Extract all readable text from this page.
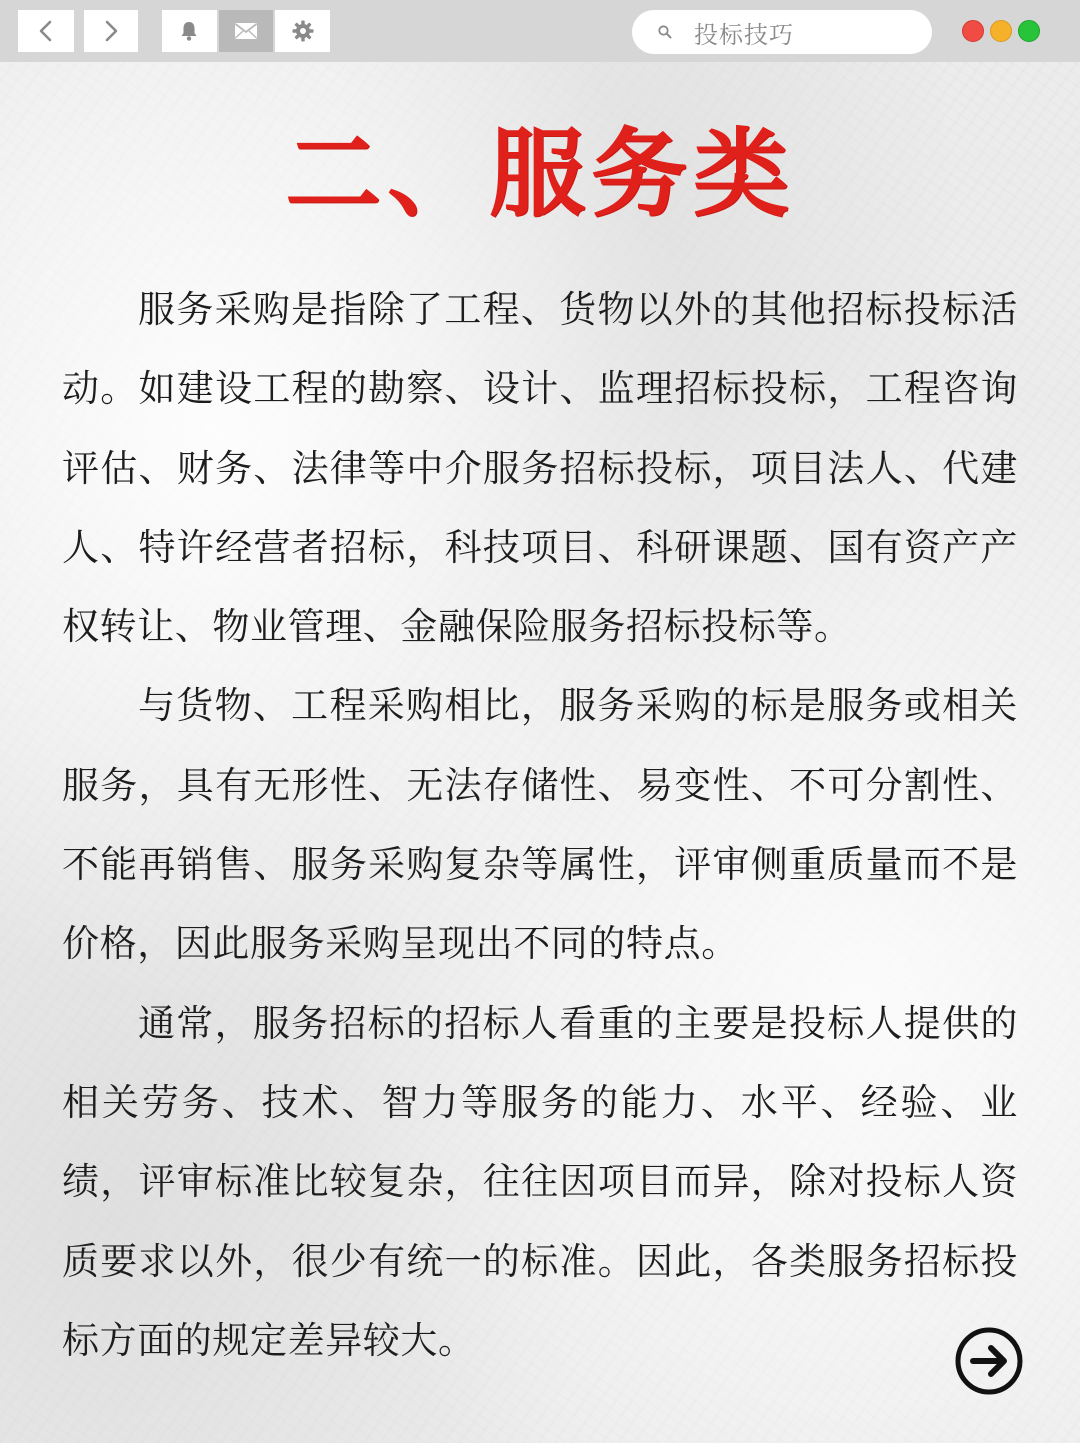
投标技巧
二、服务类

服务采购是指除了工程、货物以外的其他招标投标活动。如建设工程的勘察、设计、监理招标投标，工程咨询评估、财务、法律等中介服务招标投标，项目法人、代建人、特许经营者招标，科技项目、科研课题、国有资产产权转让、物业管理、金融保险服务招标投标等。

与货物、工程采购相比，服务采购的标是服务或相关服务，具有无形性、无法存储性、易变性、不可分割性、不能再销售、服务采购复杂等属性，评审侧重质量而不是价格，因此服务采购呈现出不同的特点。

通常，服务招标的招标人看重的主要是投标人提供的相关劳务、技术、智力等服务的能力、水平、经验、业绩，评审标准比较复杂，往往因项目而异，除对投标人资质要求以外，很少有统一的标准。因此，各类服务招标投标方面的规定差异较大。
